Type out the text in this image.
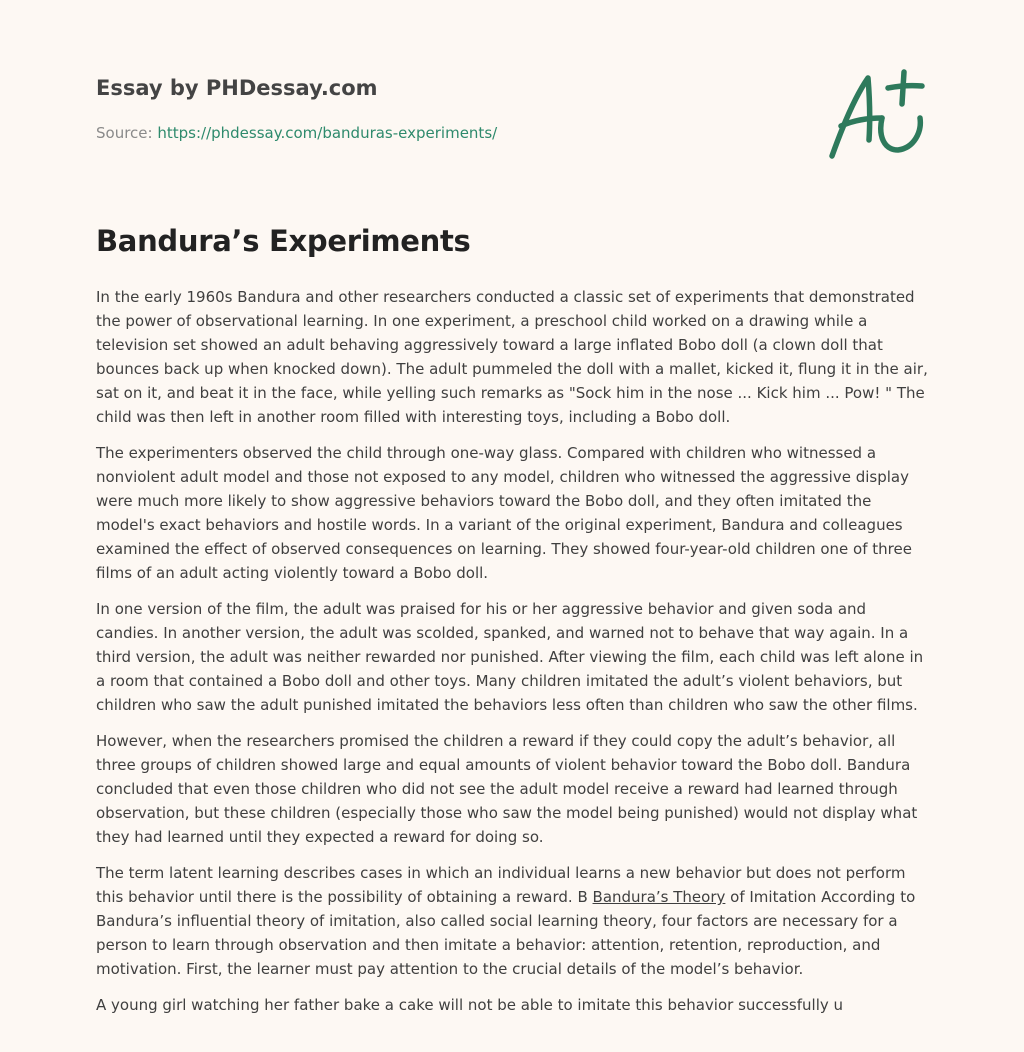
Essay by PHDessay.com
Source: https://phdessay.com/banduras-experiments/
Bandura’s Experiments

In the early 1960s Bandura and other researchers conducted a classic set of experiments that demonstrated the power of observational learning. In one experiment, a preschool child worked on a drawing while a television set showed an adult behaving aggressively toward a large inflated Bobo doll (a clown doll that bounces back up when knocked down). The adult pummeled the doll with a mallet, kicked it, flung it in the air, sat on it, and beat it in the face, while yelling such remarks as "Sock him in the nose ... Kick him ... Pow! " The child was then left in another room filled with interesting toys, including a Bobo doll.

The experimenters observed the child through one-way glass. Compared with children who witnessed a nonviolent adult model and those not exposed to any model, children who witnessed the aggressive display were much more likely to show aggressive behaviors toward the Bobo doll, and they often imitated the model's exact behaviors and hostile words. In a variant of the original experiment, Bandura and colleagues examined the effect of observed consequences on learning. They showed four-year-old children one of three films of an adult acting violently toward a Bobo doll.

In one version of the film, the adult was praised for his or her aggressive behavior and given soda and candies. In another version, the adult was scolded, spanked, and warned not to behave that way again. In a third version, the adult was neither rewarded nor punished. After viewing the film, each child was left alone in a room that contained a Bobo doll and other toys. Many children imitated the adult’s violent behaviors, but children who saw the adult punished imitated the behaviors less often than children who saw the other films.

However, when the researchers promised the children a reward if they could copy the adult’s behavior, all three groups of children showed large and equal amounts of violent behavior toward the Bobo doll. Bandura concluded that even those children who did not see the adult model receive a reward had learned through observation, but these children (especially those who saw the model being punished) would not display what they had learned until they expected a reward for doing so.

The term latent learning describes cases in which an individual learns a new behavior but does not perform this behavior until there is the possibility of obtaining a reward. B Bandura’s Theory of Imitation According to Bandura’s influential theory of imitation, also called social learning theory, four factors are necessary for a person to learn through observation and then imitate a behavior: attention, retention, reproduction, and motivation. First, the learner must pay attention to the crucial details of the model’s behavior.

A young girl watching her father bake a cake will not be able to imitate this behavior successfully u
